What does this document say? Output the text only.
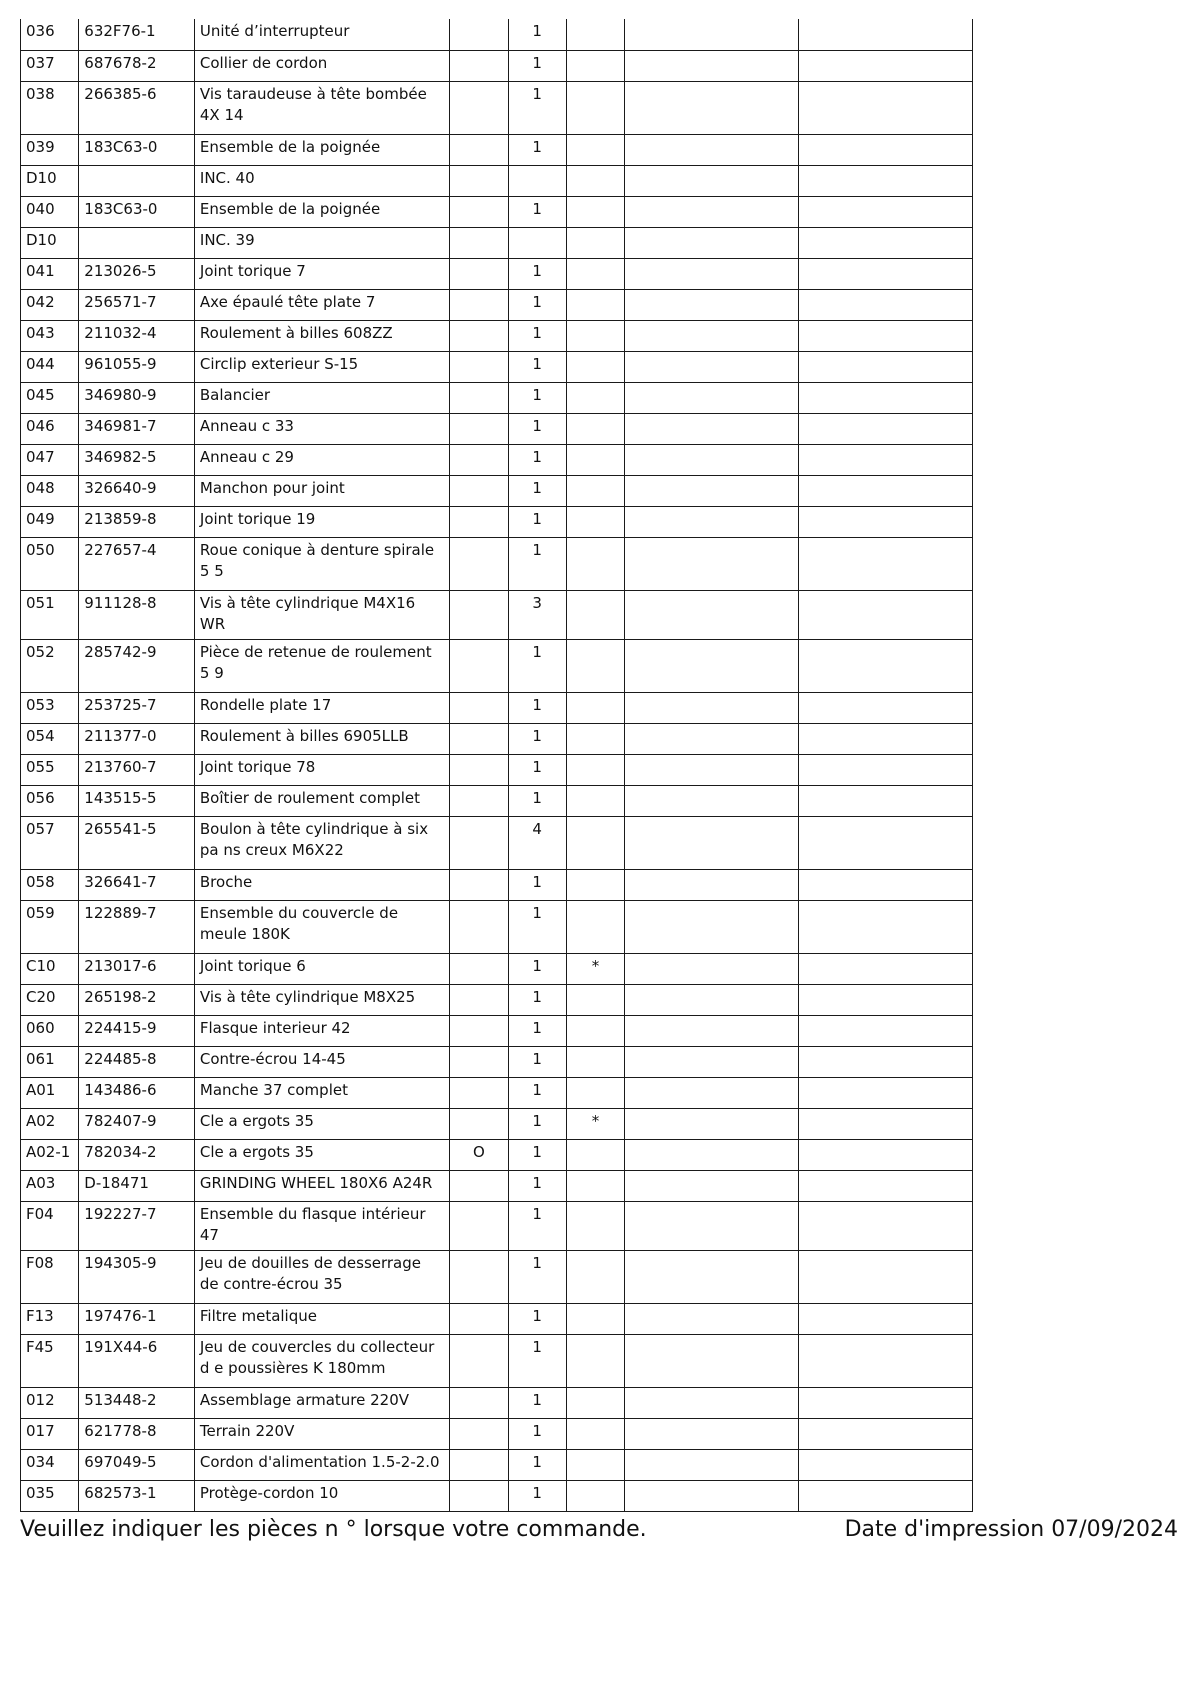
036	632F76-1	Unité d’interrupteur		1			
037	687678-2	Collier de cordon		1			
038	266385-6	Vis taraudeuse à tête bombée 4X 14		1			
039	183C63-0	Ensemble de la poignée		1			
D10		INC. 40					
040	183C63-0	Ensemble de la poignée		1			
D10		INC. 39					
041	213026-5	Joint torique 7		1			
042	256571-7	Axe épaulé tête plate 7		1			
043	211032-4	Roulement à billes 608ZZ		1			
044	961055-9	Circlip exterieur S-15		1			
045	346980-9	Balancier		1			
046	346981-7	Anneau c 33		1			
047	346982-5	Anneau c 29		1			
048	326640-9	Manchon pour joint		1			
049	213859-8	Joint torique 19		1			
050	227657-4	Roue conique à denture spirale 5 5		1			
051	911128-8	Vis à tête cylindrique M4X16 WR		3			
052	285742-9	Pièce de retenue de roulement 5 9		1			
053	253725-7	Rondelle plate 17		1			
054	211377-0	Roulement à billes 6905LLB		1			
055	213760-7	Joint torique 78		1			
056	143515-5	Boîtier de roulement complet		1			
057	265541-5	Boulon à tête cylindrique à six pa ns creux M6X22		4			
058	326641-7	Broche		1			
059	122889-7	Ensemble du couvercle de meule 180K		1			
C10	213017-6	Joint torique 6		1	*		
C20	265198-2	Vis à tête cylindrique M8X25		1			
060	224415-9	Flasque interieur 42		1			
061	224485-8	Contre-écrou 14-45		1			
A01	143486-6	Manche 37 complet		1			
A02	782407-9	Cle a ergots 35		1	*		
A02-1	782034-2	Cle a ergots 35	O	1			
A03	D-18471	GRINDING WHEEL 180X6 A24R		1			
F04	192227-7	Ensemble du flasque intérieur 47		1			
F08	194305-9	Jeu de douilles de desserrage de contre-écrou 35		1			
F13	197476-1	Filtre metalique		1			
F45	191X44-6	Jeu de couvercles du collecteur d e poussières K 180mm		1			
012	513448-2	Assemblage armature 220V		1			
017	621778-8	Terrain 220V		1			
034	697049-5	Cordon d'alimentation 1.5-2-2.0		1			
035	682573-1	Protège-cordon 10		1			
Veuillez indiquer les pièces n ° lorsque votre commande.	Date d'impression 07/09/2024
